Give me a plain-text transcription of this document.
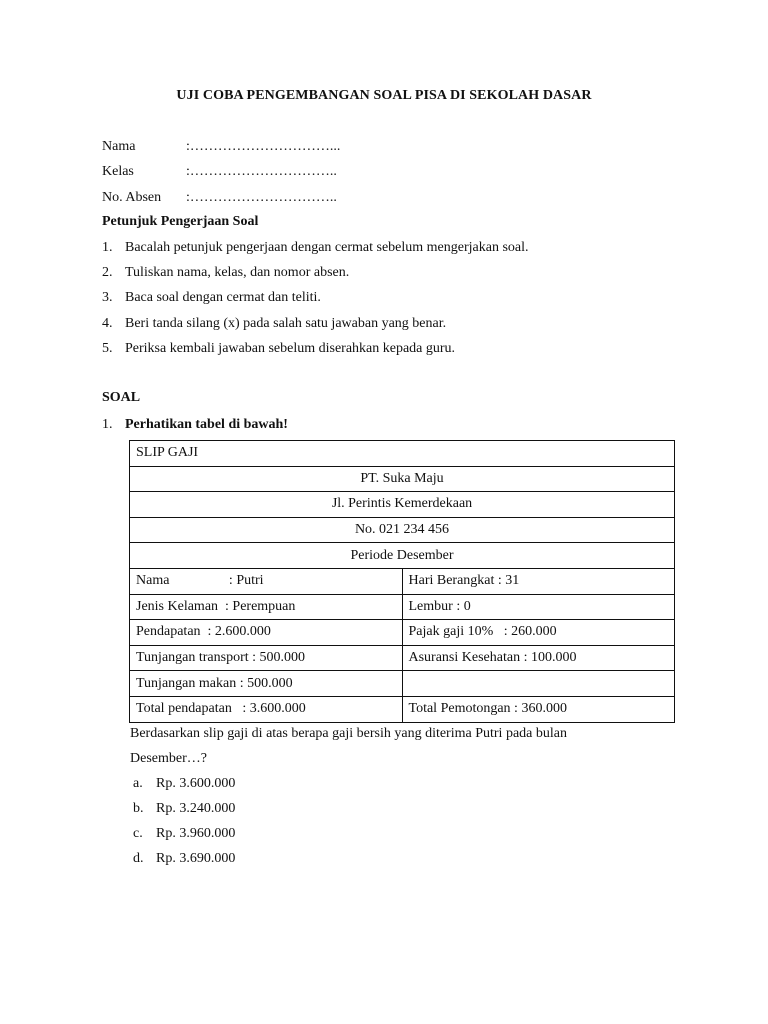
UJI COBA PENGEMBANGAN SOAL PISA DI SEKOLAH DASAR
Nama	:…………………………...
Kelas	:…………………………..
No. Absen :…………………………..
Petunjuk Pengerjaan Soal
1. Bacalah petunjuk pengerjaan dengan cermat sebelum mengerjakan soal.
2. Tuliskan nama, kelas, dan nomor absen.
3. Baca soal dengan cermat dan teliti.
4. Beri tanda silang (x) pada salah satu jawaban yang benar.
5. Periksa kembali jawaban sebelum diserahkan kepada guru.
SOAL
1. Perhatikan tabel di bawah!
SLIP GAJI	
PT. Suka Maju	
Jl. Perintis Kemerdekaan	
No. 021 234 456	
Periode Desember	
Nama                 : Putri	Hari Berangkat : 31
Jenis Kelaman  : Perempuan	Lembur : 0
Pendapatan  : 2.600.000	Pajak gaji 10%   : 260.000
Tunjangan transport : 500.000	Asuransi Kesehatan : 100.000
Tunjangan makan : 500.000	
Total pendapatan   : 3.600.000	Total Pemotongan : 360.000
Berdasarkan slip gaji di atas berapa gaji bersih yang diterima Putri pada bulan Desember…?
a. Rp. 3.600.000
b. Rp. 3.240.000
c. Rp. 3.960.000
d. Rp. 3.690.000
